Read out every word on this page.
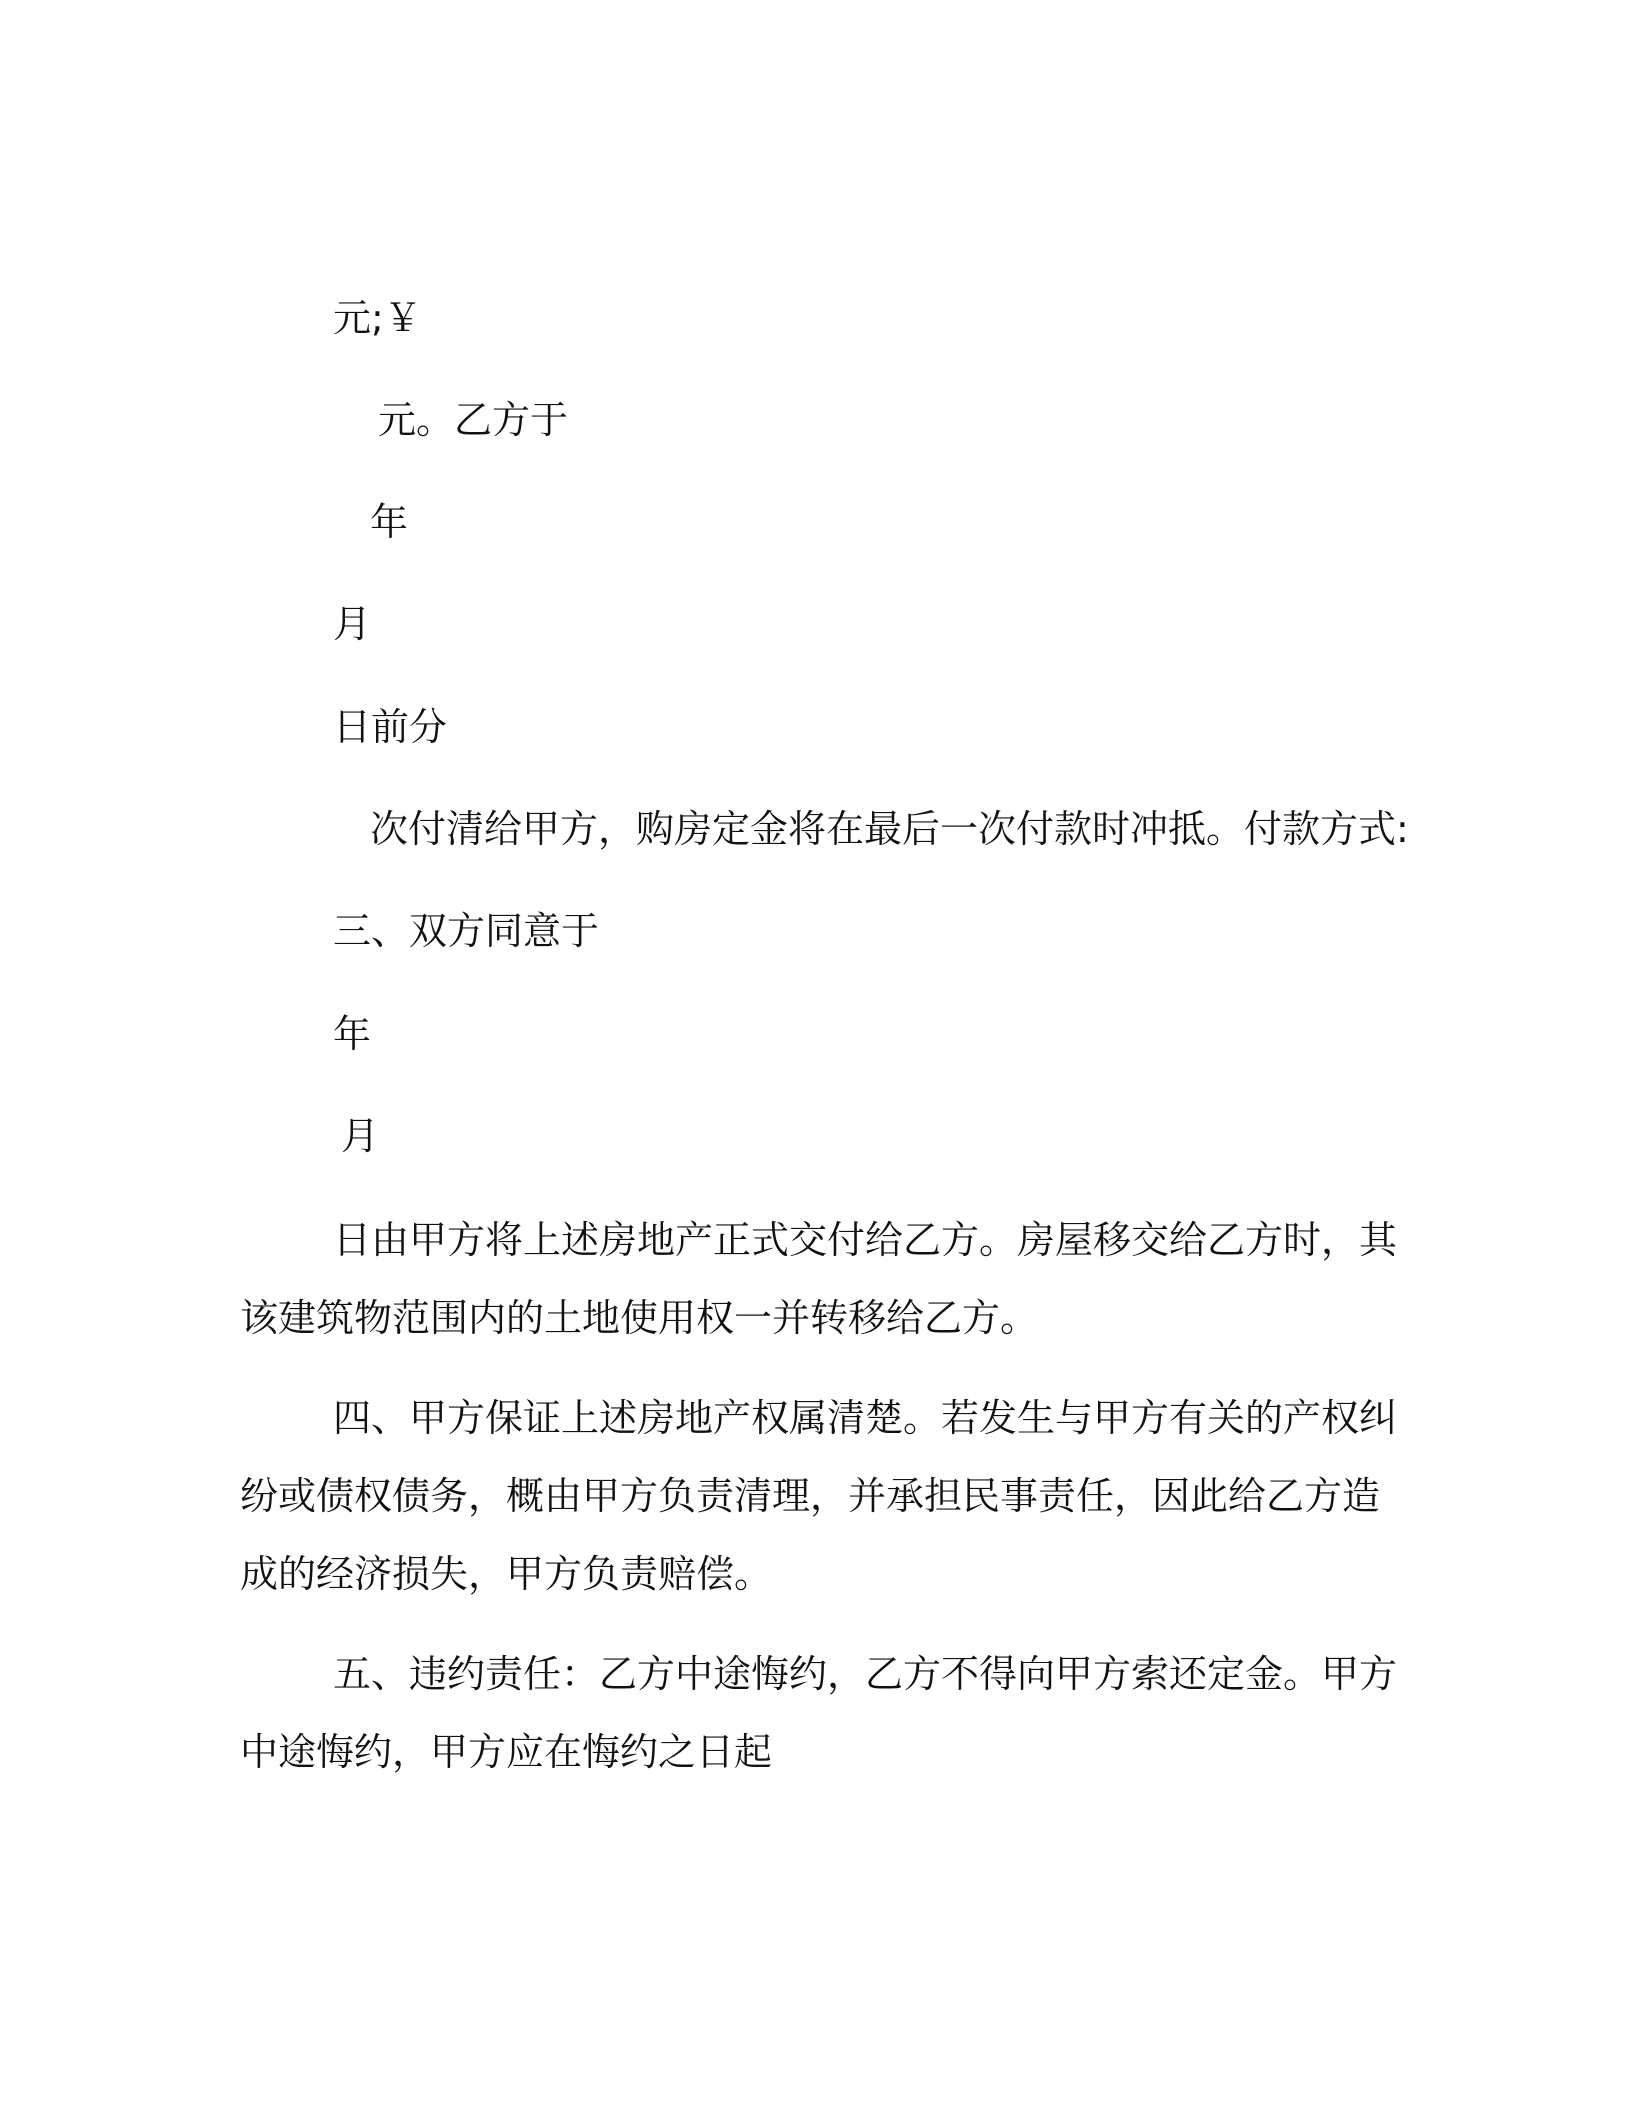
元;￥
元。乙方于
年
月
日前分
次付清给甲方，购房定金将在最后一次付款时冲抵。付款方式:
三、双方同意于
年
月
日由甲方将上述房地产正式交付给乙方。房屋移交给乙方时，其
该建筑物范围内的土地使用权一并转移给乙方。
四、甲方保证上述房地产权属清楚。若发生与甲方有关的产权纠
纷或债权债务，概由甲方负责清理，并承担民事责任，因此给乙方造
成的经济损失，甲方负责赔偿。
五、违约责任：乙方中途悔约，乙方不得向甲方索还定金。甲方
中途悔约，甲方应在悔约之日起
